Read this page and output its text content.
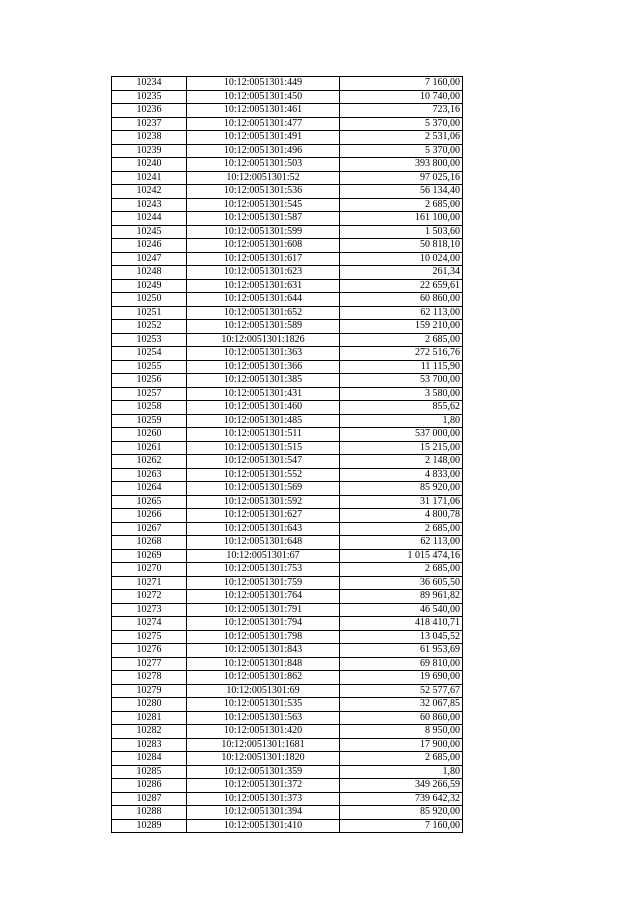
10234	10:12:0051301:449	7 160,00
10235	10:12:0051301:450	10 740,00
10236	10:12:0051301:461	723,16
10237	10:12:0051301:477	5 370,00
10238	10:12:0051301:491	2 531,06
10239	10:12:0051301:496	5 370,00
10240	10:12:0051301:503	393 800,00
10241	10:12:0051301:52	97 025,16
10242	10:12:0051301:536	56 134,40
10243	10:12:0051301:545	2 685,00
10244	10:12:0051301:587	161 100,00
10245	10:12:0051301:599	1 503,60
10246	10:12:0051301:608	50 818,10
10247	10:12:0051301:617	10 024,00
10248	10:12:0051301:623	261,34
10249	10:12:0051301:631	22 659,61
10250	10:12:0051301:644	60 860,00
10251	10:12:0051301:652	62 113,00
10252	10:12:0051301:589	159 210,00
10253	10:12:0051301:1826	2 685,00
10254	10:12:0051301:363	272 516,76
10255	10:12:0051301:366	11 115,90
10256	10:12:0051301:385	53 700,00
10257	10:12:0051301:431	3 580,00
10258	10:12:0051301:460	855,62
10259	10:12:0051301:485	1,80
10260	10:12:0051301:511	537 000,00
10261	10:12:0051301:515	15 215,00
10262	10:12:0051301:547	2 148,00
10263	10:12:0051301:552	4 833,00
10264	10:12:0051301:569	85 920,00
10265	10:12:0051301:592	31 171,06
10266	10:12:0051301:627	4 800,78
10267	10:12:0051301:643	2 685,00
10268	10:12:0051301:648	62 113,00
10269	10:12:0051301:67	1 015 474,16
10270	10:12:0051301:753	2 685,00
10271	10:12:0051301:759	36 605,50
10272	10:12:0051301:764	89 961,82
10273	10:12:0051301:791	46 540,00
10274	10:12:0051301:794	418 410,71
10275	10:12:0051301:798	13 045,52
10276	10:12:0051301:843	61 953,69
10277	10:12:0051301:848	69 810,00
10278	10:12:0051301:862	19 690,00
10279	10:12:0051301:69	52 577,67
10280	10:12:0051301:535	32 067,85
10281	10:12:0051301:563	60 860,00
10282	10:12:0051301:420	8 950,00
10283	10:12:0051301:1681	17 900,00
10284	10:12:0051301:1820	2 685,00
10285	10:12:0051301:359	1,80
10286	10:12:0051301:372	349 266,59
10287	10:12:0051301:373	739 642,32
10288	10:12:0051301:394	85 920,00
10289	10:12:0051301:410	7 160,00
